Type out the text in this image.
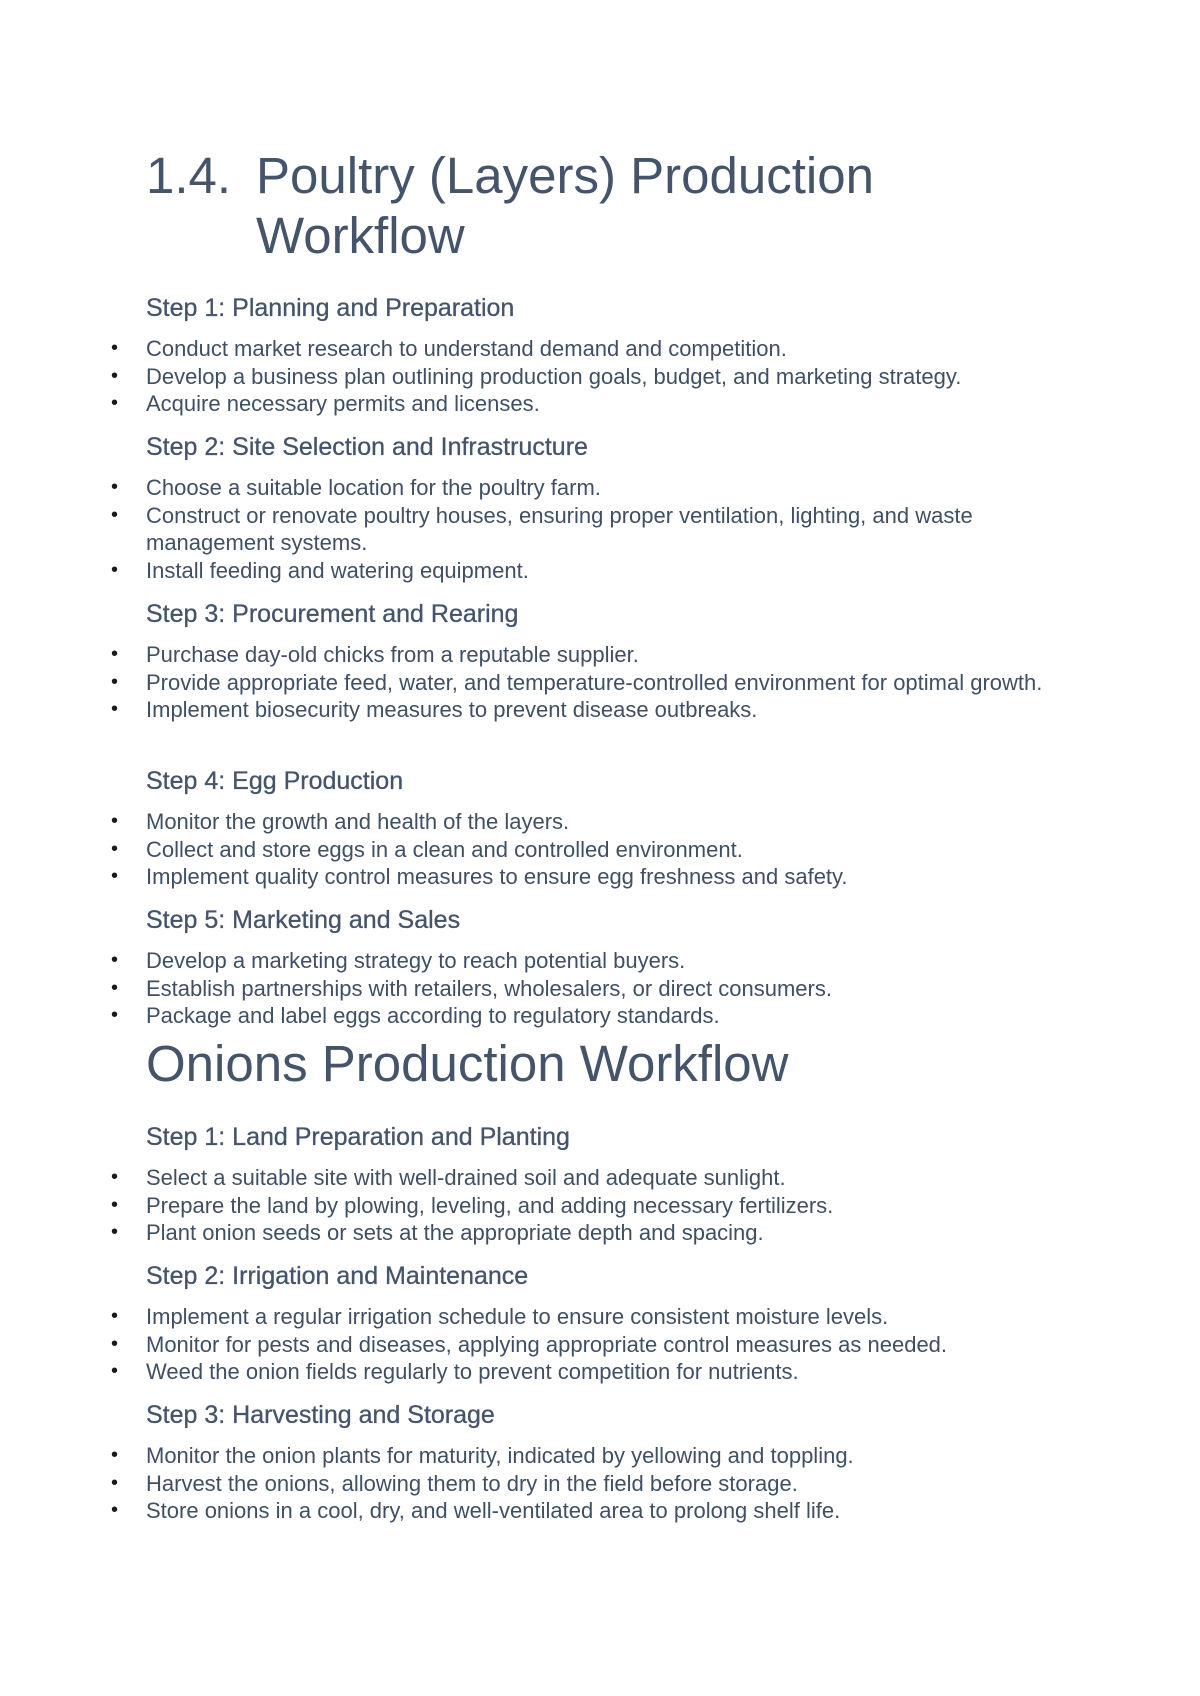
1.4. Poultry (Layers) Production Workflow
Step 1: Planning and Preparation
• Conduct market research to understand demand and competition.
• Develop a business plan outlining production goals, budget, and marketing strategy.
• Acquire necessary permits and licenses.
Step 2: Site Selection and Infrastructure
• Choose a suitable location for the poultry farm.
• Construct or renovate poultry houses, ensuring proper ventilation, lighting, and waste management systems.
• Install feeding and watering equipment.
Step 3: Procurement and Rearing
• Purchase day-old chicks from a reputable supplier.
• Provide appropriate feed, water, and temperature-controlled environment for optimal growth.
• Implement biosecurity measures to prevent disease outbreaks.
Step 4: Egg Production
• Monitor the growth and health of the layers.
• Collect and store eggs in a clean and controlled environment.
• Implement quality control measures to ensure egg freshness and safety.
Step 5: Marketing and Sales
• Develop a marketing strategy to reach potential buyers.
• Establish partnerships with retailers, wholesalers, or direct consumers.
• Package and label eggs according to regulatory standards.
Onions Production Workflow
Step 1: Land Preparation and Planting
• Select a suitable site with well-drained soil and adequate sunlight.
• Prepare the land by plowing, leveling, and adding necessary fertilizers.
• Plant onion seeds or sets at the appropriate depth and spacing.
Step 2: Irrigation and Maintenance
• Implement a regular irrigation schedule to ensure consistent moisture levels.
• Monitor for pests and diseases, applying appropriate control measures as needed.
• Weed the onion fields regularly to prevent competition for nutrients.
Step 3: Harvesting and Storage
• Monitor the onion plants for maturity, indicated by yellowing and toppling.
• Harvest the onions, allowing them to dry in the field before storage.
• Store onions in a cool, dry, and well-ventilated area to prolong shelf life.
